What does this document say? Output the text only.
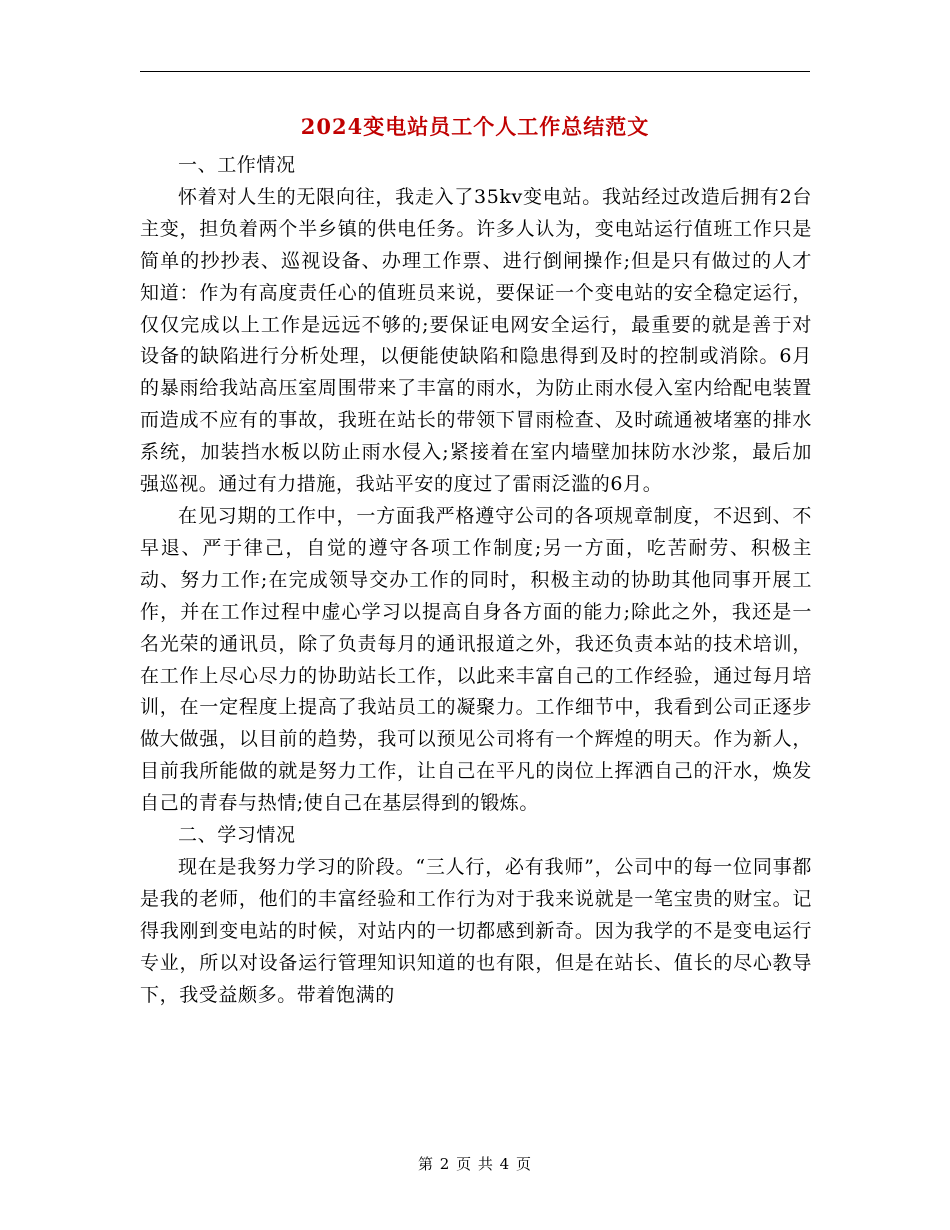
2024变电站员工个人工作总结范文

一、工作情况

怀着对人生的无限向往，我走入了35kv变电站。我站经过改造后拥有2台主变，担负着两个半乡镇的供电任务。许多人认为，变电站运行值班工作只是简单的抄抄表、巡视设备、办理工作票、进行倒闸操作;但是只有做过的人才知道：作为有高度责任心的值班员来说，要保证一个变电站的安全稳定运行，仅仅完成以上工作是远远不够的;要保证电网安全运行，最重要的就是善于对设备的缺陷进行分析处理，以便能使缺陷和隐患得到及时的控制或消除。6月的暴雨给我站高压室周围带来了丰富的雨水，为防止雨水侵入室内给配电装置而造成不应有的事故，我班在站长的带领下冒雨检查、及时疏通被堵塞的排水系统，加装挡水板以防止雨水侵入;紧接着在室内墙壁加抹防水沙浆，最后加强巡视。通过有力措施，我站平安的度过了雷雨泛滥的6月。

在见习期的工作中，一方面我严格遵守公司的各项规章制度，不迟到、不早退、严于律己，自觉的遵守各项工作制度;另一方面，吃苦耐劳、积极主动、努力工作;在完成领导交办工作的同时，积极主动的协助其他同事开展工作，并在工作过程中虚心学习以提高自身各方面的能力;除此之外，我还是一名光荣的通讯员，除了负责每月的通讯报道之外，我还负责本站的技术培训，在工作上尽心尽力的协助站长工作，以此来丰富自己的工作经验，通过每月培训，在一定程度上提高了我站员工的凝聚力。工作细节中，我看到公司正逐步做大做强，以目前的趋势，我可以预见公司将有一个辉煌的明天。作为新人，目前我所能做的就是努力工作，让自己在平凡的岗位上挥洒自己的汗水，焕发自己的青春与热情;使自己在基层得到的锻炼。

二、学习情况

现在是我努力学习的阶段。“三人行，必有我师”，公司中的每一位同事都是我的老师，他们的丰富经验和工作行为对于我来说就是一笔宝贵的财宝。记得我刚到变电站的时候，对站内的一切都感到新奇。因为我学的不是变电运行专业，所以对设备运行管理知识知道的也有限，但是在站长、值长的尽心教导下，我受益颇多。带着饱满的

第 2 页 共 4 页
